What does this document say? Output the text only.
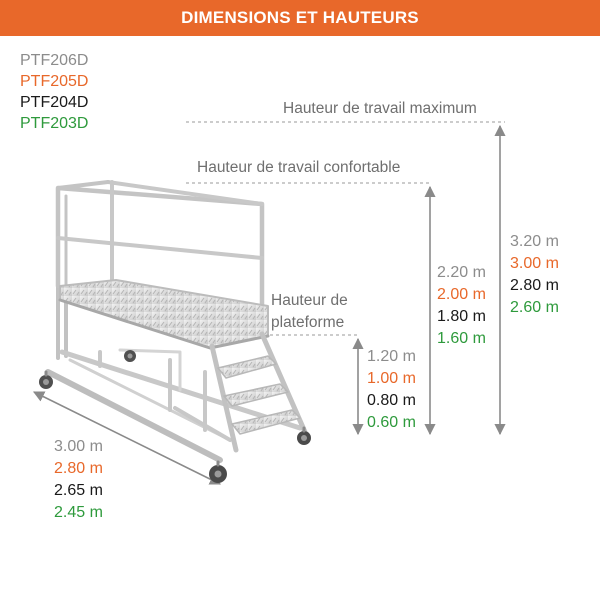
DIMENSIONS ET HAUTEURS
PTF206D
PTF205D
PTF204D
PTF203D
Hauteur de travail maximum
Hauteur de travail confortable
Hauteur de
plateforme
3.20 m
3.00 m
2.80 m
2.60 m
2.20 m
2.00 m
1.80 m
1.60 m
1.20 m
1.00 m
0.80 m
0.60 m
3.00 m
2.80 m
2.65 m
2.45 m
